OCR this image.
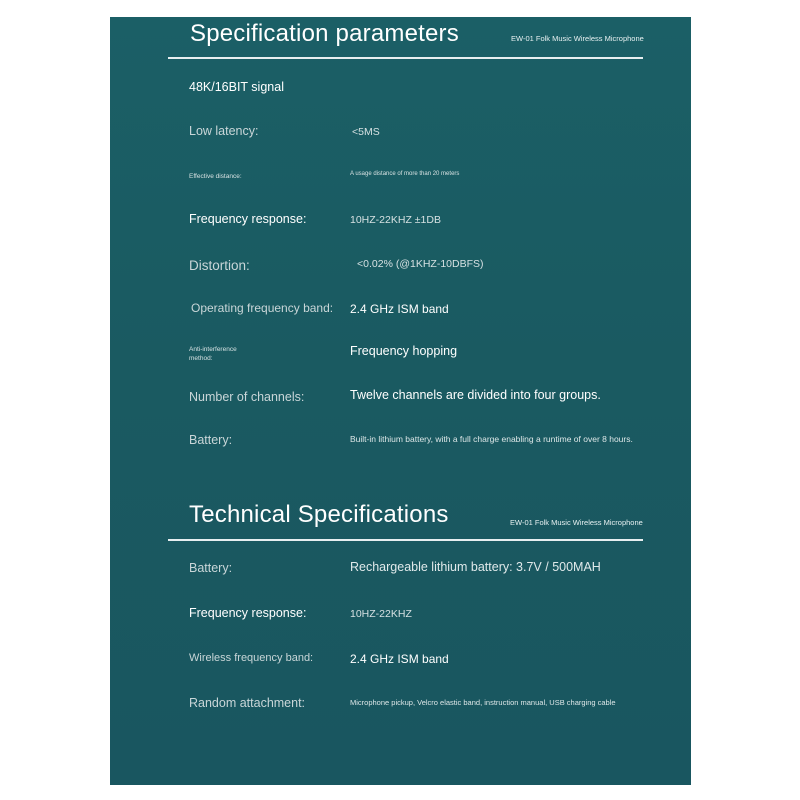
Specification parameters	EW-01 Folk Music Wireless Microphone
48K/16BIT signal
Low latency:	<5MS
Effective distance:	A usage distance of more than 20 meters
Frequency response:	10HZ-22KHZ ±1DB
Distortion:	<0.02% (@1KHZ-10DBFS)
Operating frequency band: 2.4 GHz ISM band
Anti-interference method:
Frequency hopping
Number of channels:	Twelve channels are divided into four groups.
Battery:	Built-in lithium battery, with a full charge enabling a runtime of over 8 hours.
Technical Specifications	EW-01 Folk Music Wireless Microphone
Battery:	Rechargeable lithium battery: 3.7V / 500MAH
Frequency response:	10HZ-22KHZ
Wireless frequency band:	2.4 GHz ISM band
Random attachment:	Microphone pickup, Velcro elastic band, instruction manual, USB charging cable
